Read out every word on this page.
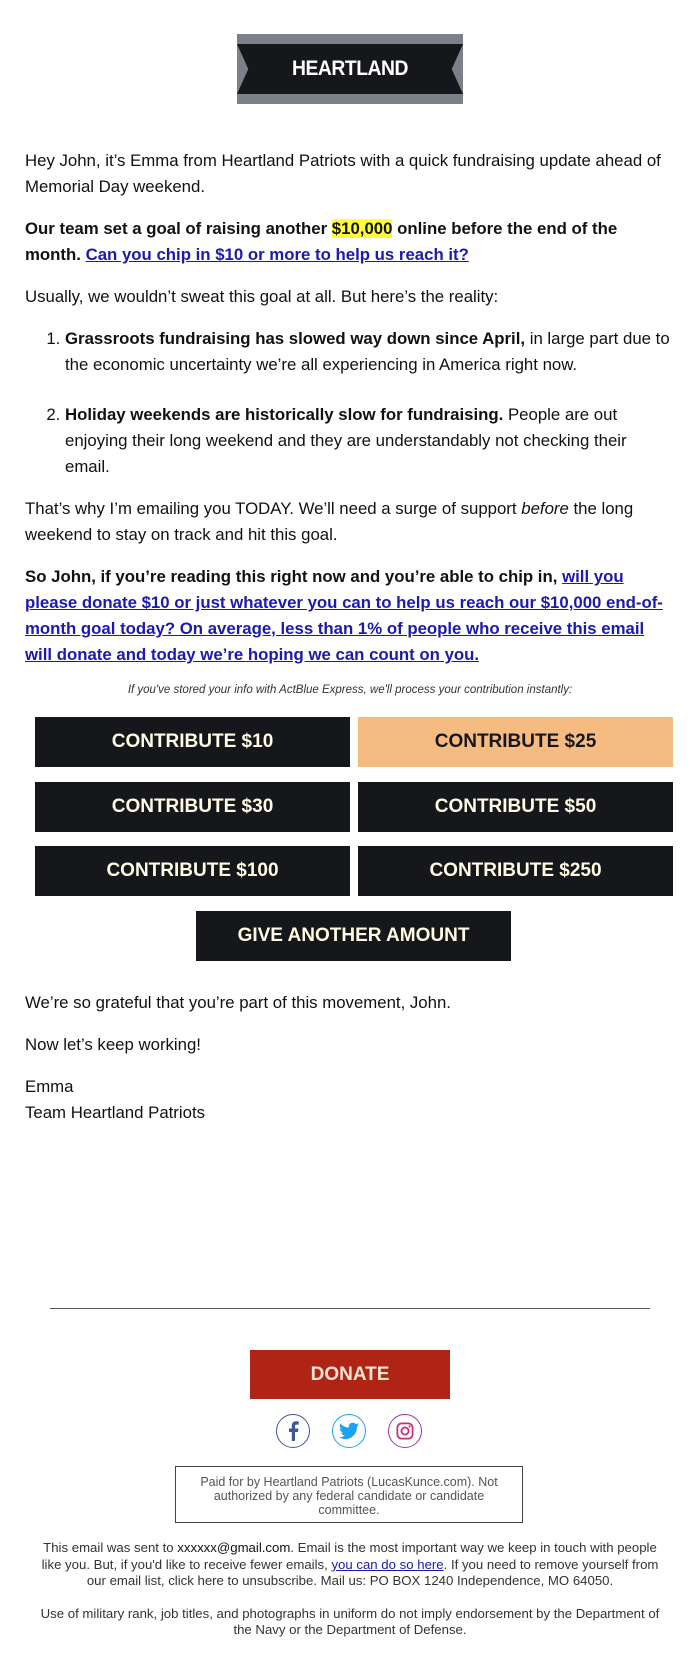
HEARTLAND PATRIOTS

Hey John, it’s Emma from Heartland Patriots with a quick fundraising update ahead of Memorial Day weekend.

Our team set a goal of raising another $10,000 online before the end of the month. Can you chip in $10 or more to help us reach it?

Usually, we wouldn’t sweat this goal at all. But here’s the reality:

1. Grassroots fundraising has slowed way down since April, in large part due to the economic uncertainty we’re all experiencing in America right now.
2. Holiday weekends are historically slow for fundraising. People are out enjoying their long weekend and they are understandably not checking their email.

That’s why I’m emailing you TODAY. We’ll need a surge of support before the long weekend to stay on track and hit this goal.

So John, if you’re reading this right now and you’re able to chip in, will you please donate $10 or just whatever you can to help us reach our $10,000 end-of-month goal today? On average, less than 1% of people who receive this email will donate and today we’re hoping we can count on you.

If you've stored your info with ActBlue Express, we'll process your contribution instantly:
CONTRIBUTE $10	CONTRIBUTE $25
CONTRIBUTE $30	CONTRIBUTE $50
CONTRIBUTE $100	CONTRIBUTE $250
GIVE ANOTHER AMOUNT

We’re so grateful that you’re part of this movement, John.

Now let’s keep working!

Emma
Team Heartland Patriots
DONATE
Paid for by Heartland Patriots (LucasKunce.com). Not authorized by any federal candidate or candidate committee.

This email was sent to xxxxxx@gmail.com. Email is the most important way we keep in touch with people like you. But, if you'd like to receive fewer emails, you can do so here. If you need to remove yourself from our email list, click here to unsubscribe. Mail us: PO BOX 1240 Independence, MO 64050.

Use of military rank, job titles, and photographs in uniform do not imply endorsement by the Department of the Navy or the Department of Defense.
